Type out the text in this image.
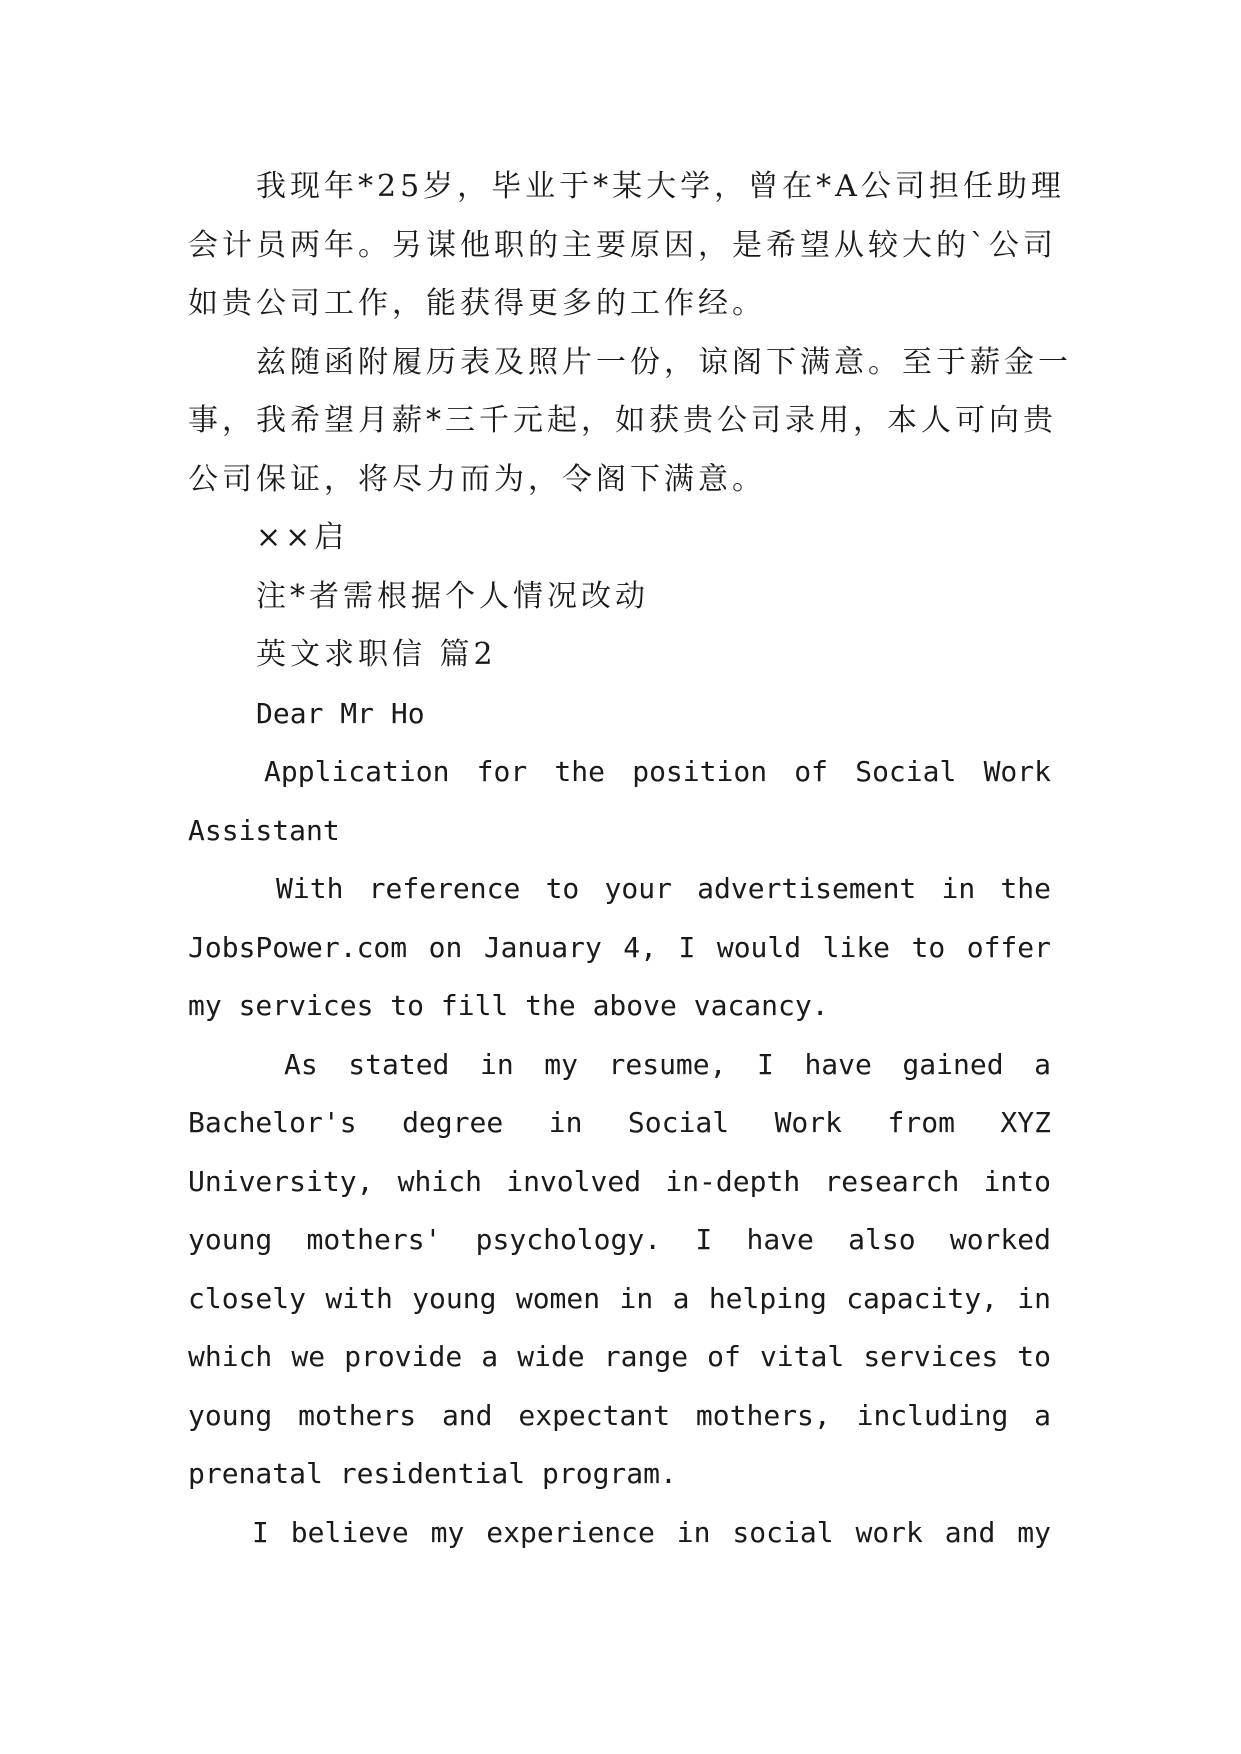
我现年*25岁，毕业于*某大学，曾在*A公司担任助理
会计员两年。另谋他职的主要原因，是希望从较大的`公司
如贵公司工作，能获得更多的工作经。
兹随函附履历表及照片一份，谅阁下满意。至于薪金一
事，我希望月薪*三千元起，如获贵公司录用，本人可向贵
公司保证，将尽力而为，令阁下满意。
××启
注*者需根据个人情况改动
英文求职信 篇2
Dear Mr Ho
Application for the position of Social Work
Assistant
With reference to your advertisement in the
JobsPower.com on January 4, I would like to offer
my services to fill the above vacancy.
As stated in my resume, I have gained a
Bachelor's degree in Social Work from XYZ
University, which involved in-depth research into
young mothers' psychology. I have also worked
closely with young women in a helping capacity, in
which we provide a wide range of vital services to
young mothers and expectant mothers, including a
prenatal residential program.
I believe my experience in social work and my
